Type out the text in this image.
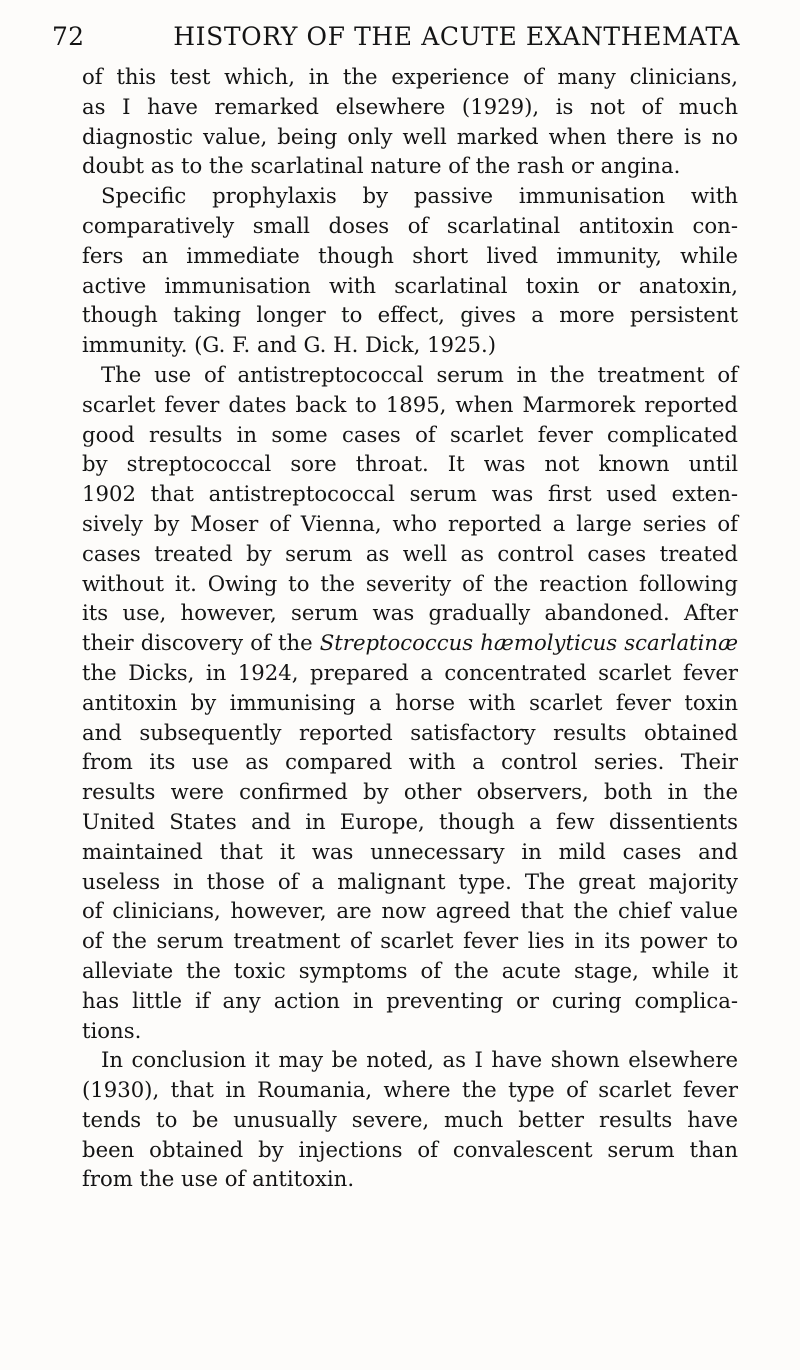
72	HISTORY OF THE ACUTE EXANTHEMATA
of this test which, in the experience of many clinicians,
as I have remarked elsewhere (1929), is not of much
diagnostic value, being only well marked when there is no
doubt as to the scarlatinal nature of the rash or angina.
Specific prophylaxis by passive immunisation with
comparatively small doses of scarlatinal antitoxin con-
fers an immediate though short lived immunity, while
active immunisation with scarlatinal toxin or anatoxin,
though taking longer to effect, gives a more persistent
immunity. (G. F. and G. H. Dick, 1925.)
The use of antistreptococcal serum in the treatment of
scarlet fever dates back to 1895, when Marmorek reported
good results in some cases of scarlet fever complicated
by streptococcal sore throat. It was not known until
1902 that antistreptococcal serum was first used exten-
sively by Moser of Vienna, who reported a large series of
cases treated by serum as well as control cases treated
without it. Owing to the severity of the reaction following
its use, however, serum was gradually abandoned. After
their discovery of the Streptococcus hæmolyticus scarlatinæ
the Dicks, in 1924, prepared a concentrated scarlet fever
antitoxin by immunising a horse with scarlet fever toxin
and subsequently reported satisfactory results obtained
from its use as compared with a control series. Their
results were confirmed by other observers, both in the
United States and in Europe, though a few dissentients
maintained that it was unnecessary in mild cases and
useless in those of a malignant type. The great majority
of clinicians, however, are now agreed that the chief value
of the serum treatment of scarlet fever lies in its power to
alleviate the toxic symptoms of the acute stage, while it
has little if any action in preventing or curing complica-
tions.
In conclusion it may be noted, as I have shown elsewhere
(1930), that in Roumania, where the type of scarlet fever
tends to be unusually severe, much better results have
been obtained by injections of convalescent serum than
from the use of antitoxin.
